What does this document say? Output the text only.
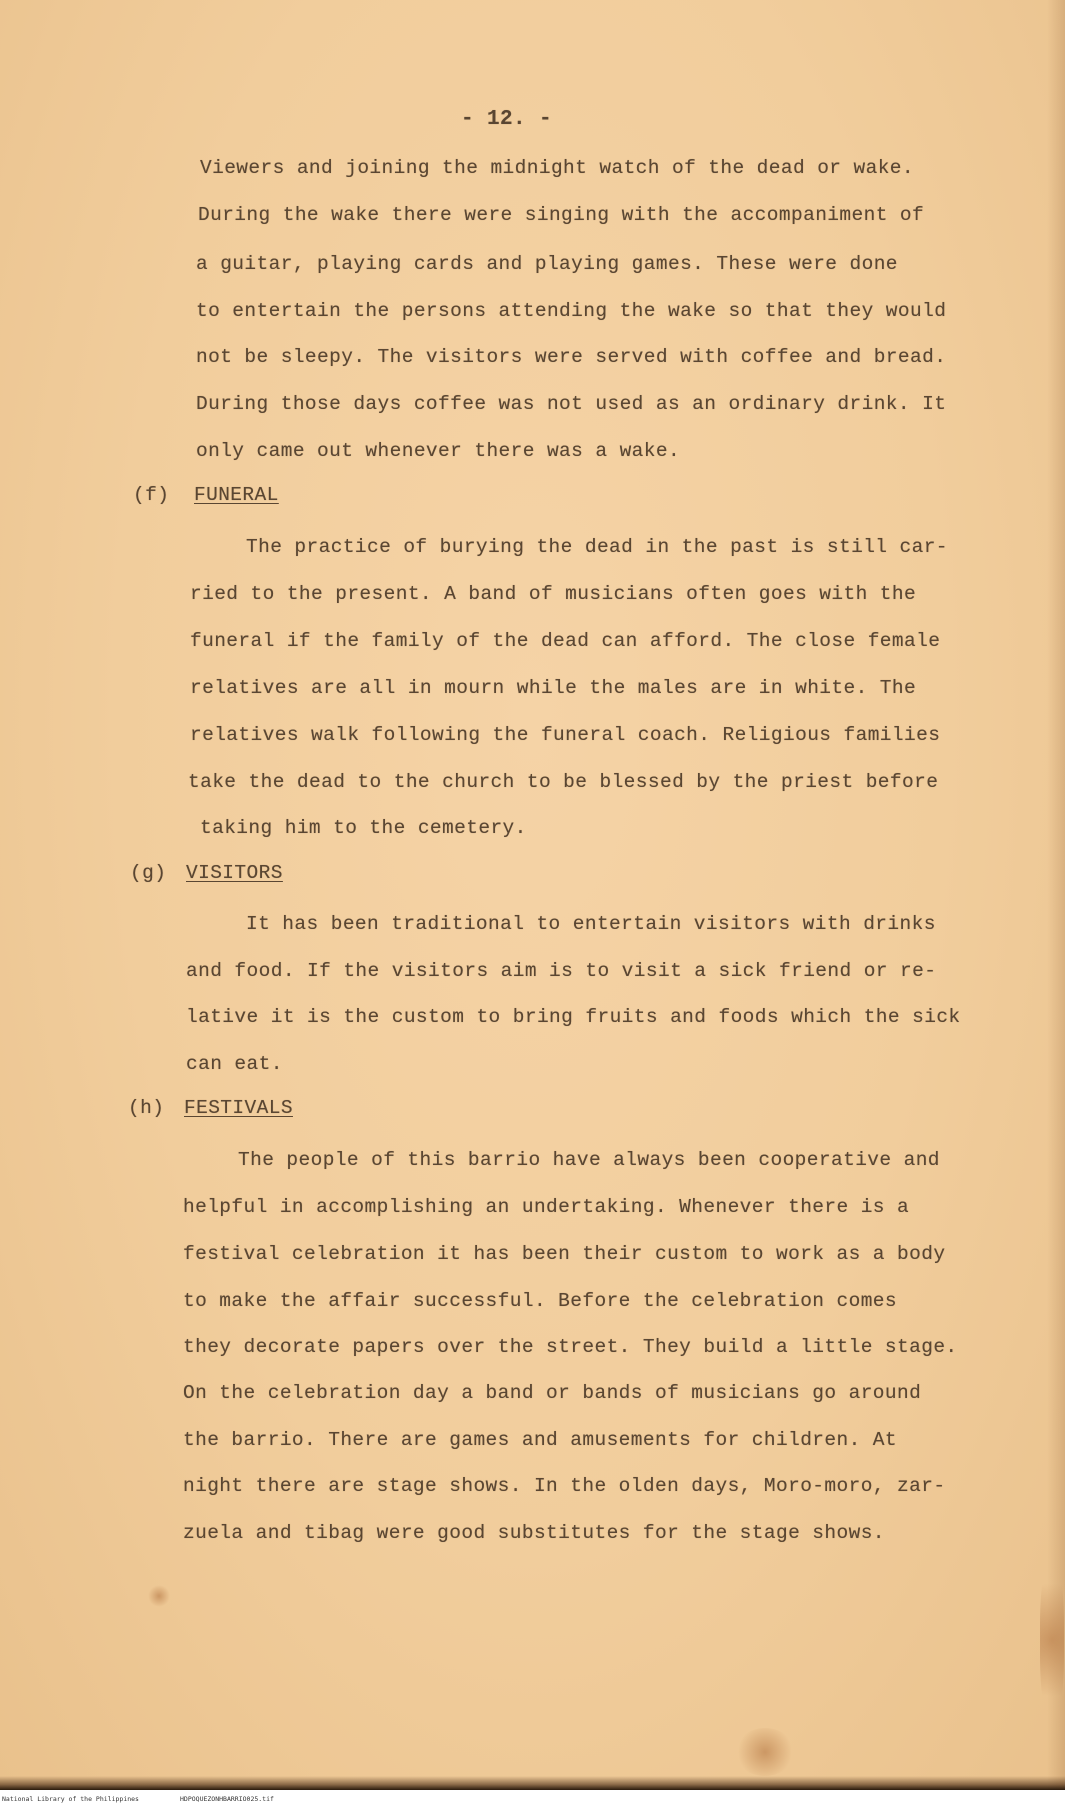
- 12. -
Viewers and joining the midnight watch of the dead or wake.
During the wake there were singing with the accompaniment of
a guitar, playing cards and playing games. These were done
to entertain the persons attending the wake so that they would
not be sleepy. The visitors were served with coffee and bread.
During those days coffee was not used as an ordinary drink. It
only came out whenever there was a wake.
(f) FUNERAL
The practice of burying the dead in the past is still car-
ried to the present. A band of musicians often goes with the
funeral if the family of the dead can afford. The close female
relatives are all in mourn while the males are in white. The
relatives walk following the funeral coach. Religious families
take the dead to the church to be blessed by the priest before
taking him to the cemetery.
(g) VISITORS
It has been traditional to entertain visitors with drinks
and food. If the visitors aim is to visit a sick friend or re-
lative it is the custom to bring fruits and foods which the sick
can eat.
(h) FESTIVALS
The people of this barrio have always been cooperative and
helpful in accomplishing an undertaking. Whenever there is a
festival celebration it has been their custom to work as a body
to make the affair successful. Before the celebration comes
they decorate papers over the street. They build a little stage.
On the celebration day a band or bands of musicians go around
the barrio. There are games and amusements for children. At
night there are stage shows. In the olden days, Moro-moro, zar-
zuela and tibag were good substitutes for the stage shows.
National Library of the Philippines	HDPOQUEZONHBARRIO025.tif
